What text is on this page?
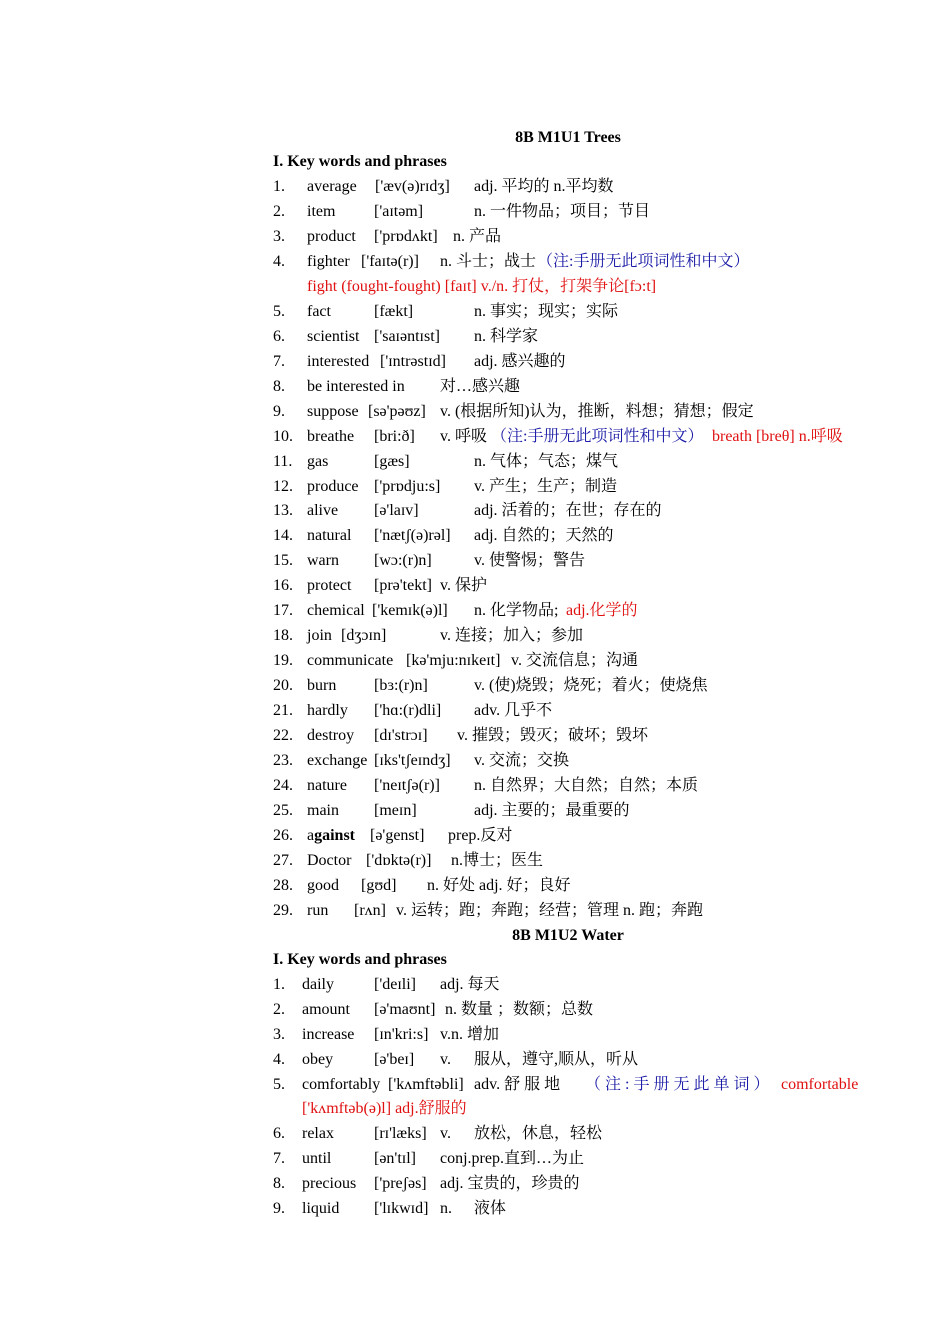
8B M1U1 Trees
I. Key words and phrases
1. average ['æv(ə)rɪdʒ] adj. 平均的 n.平均数
2. item ['aɪtəm]	n. 一件物品；项目；节目
3. product ['prɒdʌkt] n. 产品
4. fighter ['faɪtə(r)] n. 斗士；战士 （注:手册无此项词性和中文）
fight (fought-fought) [faɪt] v./n. 打仗，打架争论[fɔ:t]
5. fact	[fækt]	n. 事实；现实；实际
6. scientist ['saɪəntɪst] n. 科学家
7. interested ['ɪntrəstɪd] adj. 感兴趣的
8. be interested in 对…感兴趣
9. suppose [sə'pəʊz] v. (根据所知)认为，推断，料想；猜想；假定
10. breathe [bri:ð] v. 呼吸 （注:手册无此项词性和中文） breath [breθ] n.呼吸
11. gas	[gæs]	n. 气体；气态；煤气
12. produce ['prɒdju:s] v. 产生；生产；制造
13. alive [ə'laɪv]	adj. 活着的；在世；存在的
14. natural ['nætʃ(ə)rəl] adj. 自然的；天然的
15. warn [wɔ:(r)n]	v. 使警惕；警告
16. protect [prə'tekt] v. 保护
17. chemical ['kemɪk(ə)l] n. 化学物品; adj.化学的
18. join [dʒɔɪn]	v. 连接；加入；参加
19. communicate [kə'mju:nɪkeɪt] v. 交流信息；沟通
20. burn [bɜ:(r)n]	v. (使)烧毁；烧死；着火；使烧焦
21. hardly ['hɑ:(r)dli] adv. 几乎不
22. destroy [dɪ'strɔɪ] v. 摧毁；毁灭；破坏；毁坏
23. exchange [ɪks'tʃeɪndʒ] v. 交流；交换
24. nature ['neɪtʃə(r)] n. 自然界；大自然；自然；本质
25. main [meɪn]	adj. 主要的；最重要的
26. against [ə'genst] prep.反对
27. Doctor ['dɒktə(r)] n.博士；医生
28. good [gʊd] n. 好处 adj. 好；良好
29. run [rʌn] v. 运转；跑；奔跑；经营；管理 n. 跑；奔跑
8B M1U2 Water
I. Key words and phrases
1. daily	['deɪli] adj. 每天
2. amount [ə'maʊnt] n. 数量 ；数额；总数
3. increase [ɪn'kri:s] v.n. 增加
4. obey	[ə'beɪ] v. 服从，遵守,顺从，听从
5. comfortably ['kʌmftəbli] adv. 舒 服 地 （ 注 : 手 册 无 此 单 词 ） comfortable
['kʌmftəb(ə)l] adj.舒服的
6. relax	[rɪ'læks] v. 放松，休息，轻松
7. until	[ən'tɪl] conj.prep.直到…为止
8. precious ['preʃəs] adj. 宝贵的，珍贵的
9. liquid ['lɪkwɪd] n. 液体
